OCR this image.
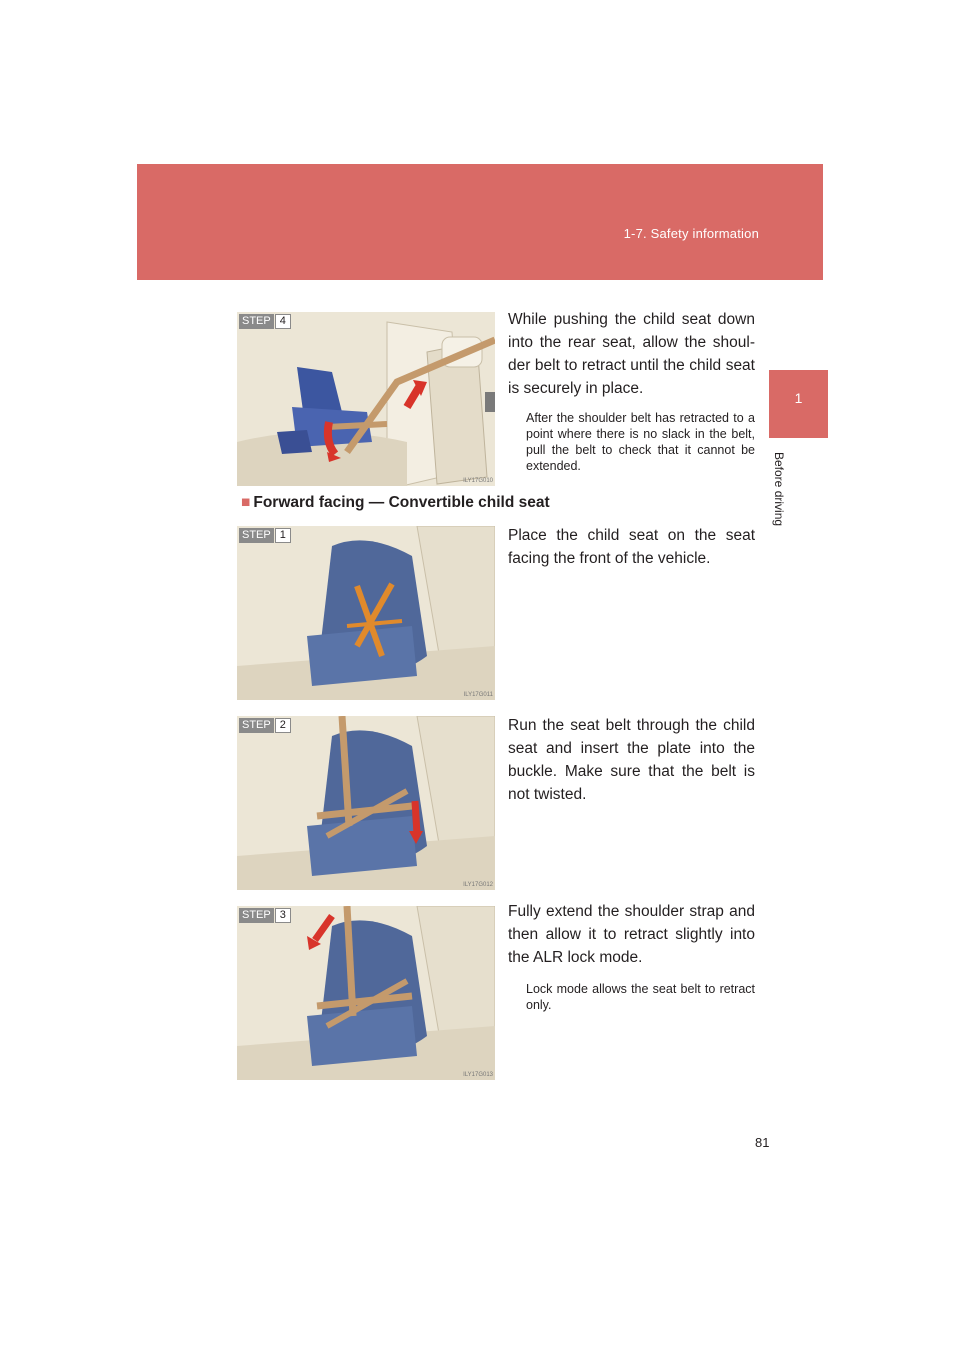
1-7. Safety information
1
Before driving
STEP 4
ILY17G010
While pushing the child seat down into the rear seat, allow the shoul-der belt to retract until the child seat is securely in place.
After the shoulder belt has retracted to a point where there is no slack in the belt, pull the belt to check that it cannot be extended.
■ Forward facing — Convertible child seat
STEP 1
ILY17G011
Place the child seat on the seat facing the front of the vehicle.
STEP 2
ILY17G012
Run the seat belt through the child seat and insert the plate into the buckle. Make sure that the belt is not twisted.
STEP 3
ILY17G013
Fully extend the shoulder strap and then allow it to retract slightly into the ALR lock mode.
Lock mode allows the seat belt to retract only.
81
